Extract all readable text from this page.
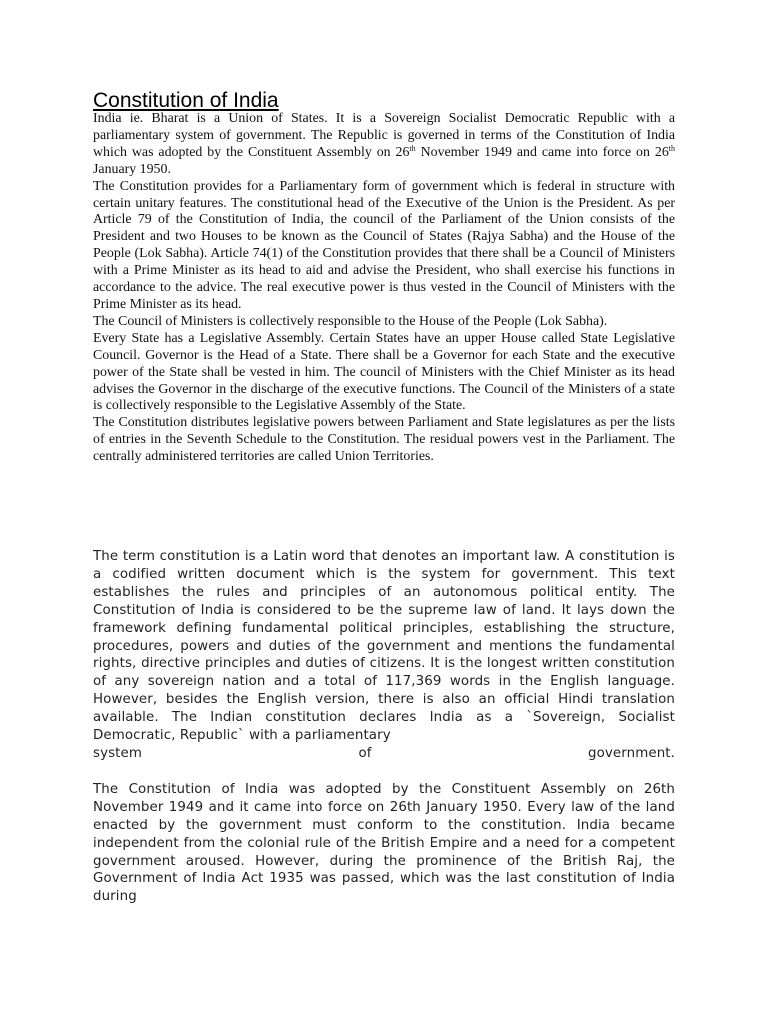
Constitution of India

India ie. Bharat is a Union of States. It is a Sovereign Socialist Democratic Republic with a parliamentary system of government. The Republic is governed in terms of the Constitution of India which was adopted by the Constituent Assembly on 26th November 1949 and came into force on 26th January 1950.

The Constitution provides for a Parliamentary form of government which is federal in structure with certain unitary features. The constitutional head of the Executive of the Union is the President. As per Article 79 of the Constitution of India, the council of the Parliament of the Union consists of the President and two Houses to be known as the Council of States (Rajya Sabha) and the House of the People (Lok Sabha). Article 74(1) of the Constitution provides that there shall be a Council of Ministers with a Prime Minister as its head to aid and advise the President, who shall exercise his functions in accordance to the advice. The real executive power is thus vested in the Council of Ministers with the Prime Minister as its head.

The Council of Ministers is collectively responsible to the House of the People (Lok Sabha).

Every State has a Legislative Assembly. Certain States have an upper House called State Legislative Council. Governor is the Head of a State. There shall be a Governor for each State and the executive power of the State shall be vested in him. The council of Ministers with the Chief Minister as its head advises the Governor in the discharge of the executive functions. The Council of the Ministers of a state is collectively responsible to the Legislative Assembly of the State.

The Constitution distributes legislative powers between Parliament and State legislatures as per the lists of entries in the Seventh Schedule to the Constitution. The residual powers vest in the Parliament. The centrally administered territories are called Union Territories.

The term constitution is a Latin word that denotes an important law. A constitution is a codified written document which is the system for government. This text establishes the rules and principles of an autonomous political entity. The Constitution of India is considered to be the supreme law of land. It lays down the framework defining fundamental political principles, establishing the structure, procedures, powers and duties of the government and mentions the fundamental rights, directive principles and duties of citizens. It is the longest written constitution of any sovereign nation and a total of 117,369 words in the English language. However, besides the English version, there is also an official Hindi translation available. The Indian constitution declares India as a `Sovereign, Socialist Democratic, Republic` with a parliamentary
system	of	government.

The Constitution of India was adopted by the Constituent Assembly on 26th November 1949 and it came into force on 26th January 1950. Every law of the land enacted by the government must conform to the constitution. India became independent from the colonial rule of the British Empire and a need for a competent government aroused. However, during the prominence of the British Raj, the Government of India Act 1935 was passed, which was the last constitution of India during
